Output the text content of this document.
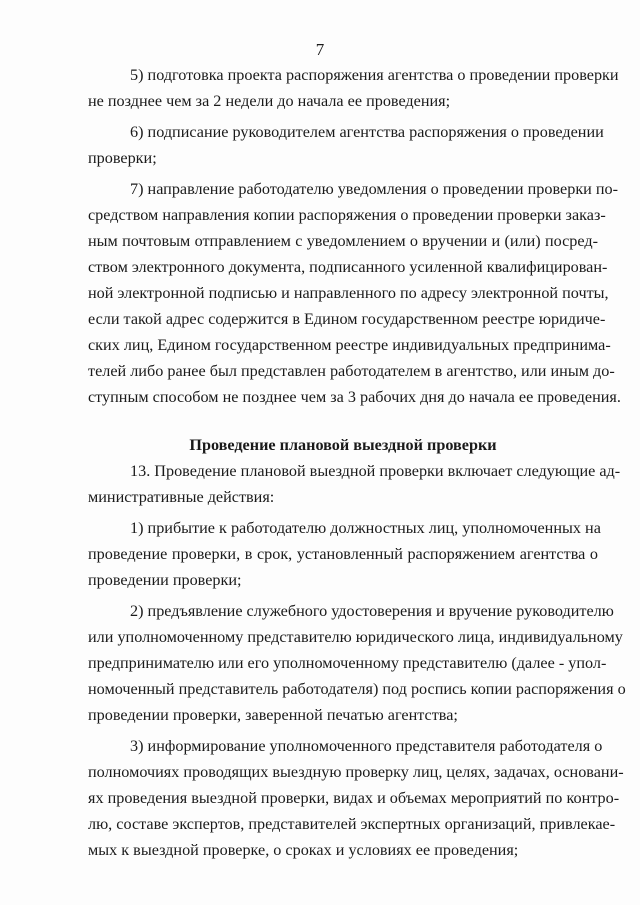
7
5) подготовка проекта распоряжения агентства о проведении проверки
не позднее чем за 2 недели до начала ее проведения;
6) подписание руководителем агентства распоряжения о проведении
проверки;
7) направление работодателю уведомления о проведении проверки по-
средством направления копии распоряжения о проведении проверки заказ-
ным почтовым отправлением с уведомлением о вручении и (или) посред-
ством электронного документа, подписанного усиленной квалифицирован-
ной электронной подписью и направленного по адресу электронной почты,
если такой адрес содержится в Едином государственном реестре юридиче-
ских лиц, Едином государственном реестре индивидуальных предпринима-
телей либо ранее был представлен работодателем в агентство, или иным до-
ступным способом не позднее чем за 3 рабочих дня до начала ее проведения.
Проведение плановой выездной проверки
13. Проведение плановой выездной проверки включает следующие ад-
министративные действия:
1) прибытие к работодателю должностных лиц, уполномоченных на
проведение проверки, в срок, установленный распоряжением агентства о
проведении проверки;
2) предъявление служебного удостоверения и вручение руководителю
или уполномоченному представителю юридического лица, индивидуальному
предпринимателю или его уполномоченному представителю (далее - упол-
номоченный представитель работодателя) под роспись копии распоряжения о
проведении проверки, заверенной печатью агентства;
3) информирование уполномоченного представителя работодателя о
полномочиях проводящих выездную проверку лиц, целях, задачах, основани-
ях проведения выездной проверки, видах и объемах мероприятий по контро-
лю, составе экспертов, представителей экспертных организаций, привлекае-
мых к выездной проверке, о сроках и условиях ее проведения;
